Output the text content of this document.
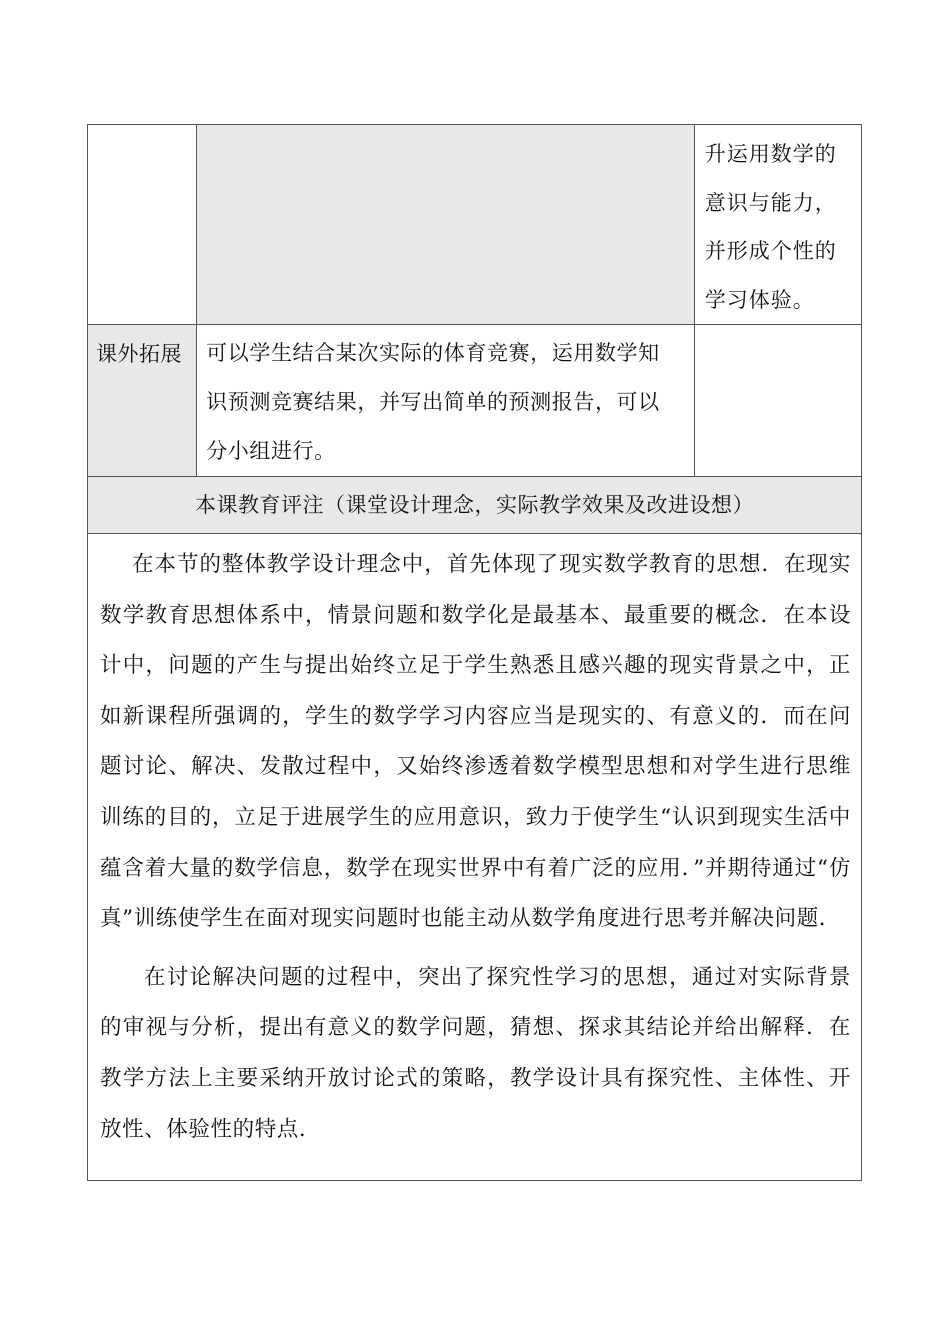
		升运用数学的
意识与能力，
并形成个性的
学习体验。

课外拓展	可以学生结合某次实际的体育竞赛，运用数学知
识预测竞赛结果，并写出简单的预测报告，可以
分小组进行。	

本课教育评注（课堂设计理念，实际教学效果及改进设想）		

在本节的整体教学设计理念中，首先体现了现实数学教育的思想．在现实数学教育思想体系中，情景问题和数学化是最基本、最重要的概念．在本设计中，问题的产生与提出始终立足于学生熟悉且感兴趣的现实背景之中，正如新课程所强调的，学生的数学学习内容应当是现实的、有意义的．而在问题讨论、解决、发散过程中，又始终渗透着数学模型思想和对学生进行思维训练的目的，立足于进展学生的应用意识，致力于使学生“认识到现实生活中蕴含着大量的数学信息，数学在现实世界中有着广泛的应用．”并期待通过“仿真”训练使学生在面对现实问题时也能主动从数学角度进行思考并解决问题．

在讨论解决问题的过程中，突出了探究性学习的思想，通过对实际背景的审视与分析，提出有意义的数学问题，猜想、探求其结论并给出解释．在教学方法上主要采纳开放讨论式的策略，教学设计具有探究性、主体性、开放性、体验性的特点．		
